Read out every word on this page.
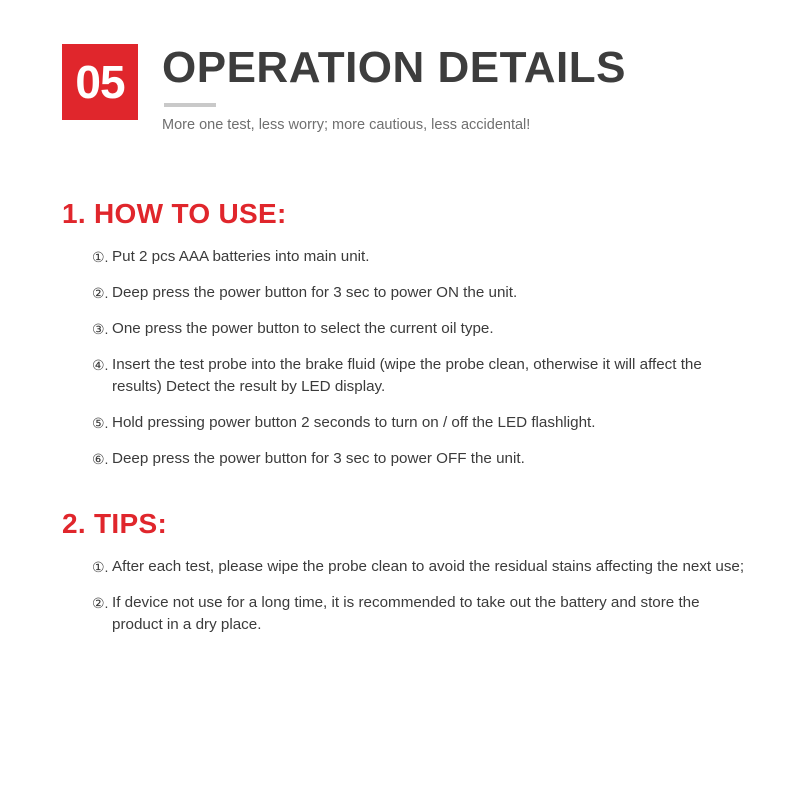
05 OPERATION DETAILS
More one test, less worry; more cautious, less accidental!
1. HOW TO USE:
①. Put 2 pcs AAA batteries into main unit.
②. Deep press the power button for 3 sec to power ON the unit.
③. One press the power button to select the current oil type.
④. Insert the test probe into the brake fluid (wipe the probe clean, otherwise it will affect the results) Detect the result by LED display.
⑤. Hold pressing power button 2 seconds to turn on / off the LED flashlight.
⑥. Deep press the power button for 3 sec to power OFF the unit.
2. TIPS:
①. After each test, please wipe the probe clean to avoid the residual stains affecting the next use;
②. If device not use for a long time, it is recommended to take out the battery and store the product in a dry place.
